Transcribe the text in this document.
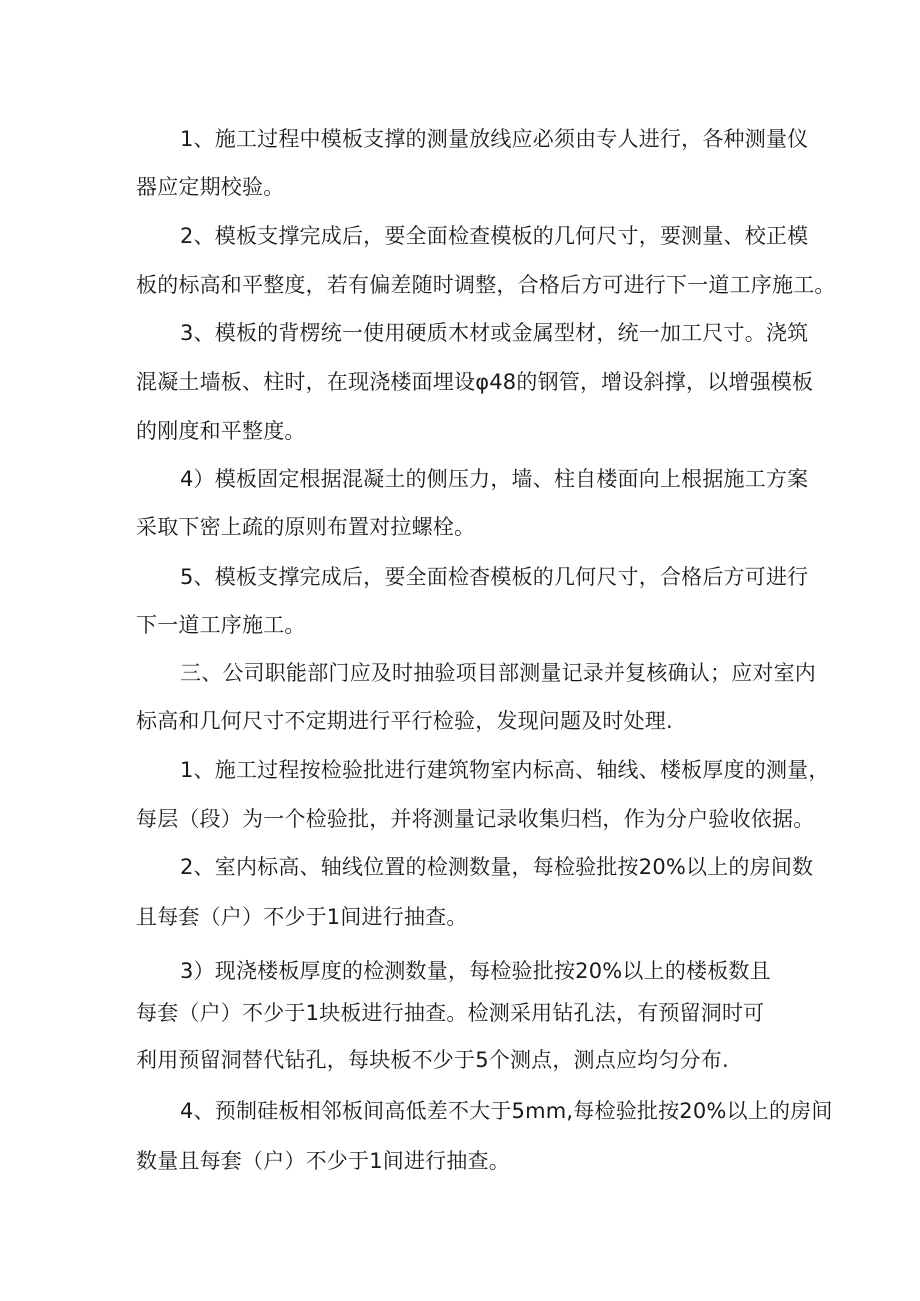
1、施工过程中模板支撑的测量放线应必须由专人进行，各种测量仪
器应定期校验。
2、模板支撑完成后，要全面检查模板的几何尺寸，要测量、校正模
板的标高和平整度，若有偏差随时调整，合格后方可进行下一道工序施工。
3、模板的背楞统一使用硬质木材或金属型材，统一加工尺寸。浇筑
混凝土墙板、柱时，在现浇楼面埋设φ48的钢管，增设斜撑，以增强模板
的刚度和平整度。
4）模板固定根据混凝土的侧压力，墙、柱自楼面向上根据施工方案
采取下密上疏的原则布置对拉螺栓。
5、模板支撑完成后，要全面检杳模板的几何尺寸，合格后方可进行
下一道工序施工。
三、公司职能部门应及时抽验项目部测量记录并复核确认；应对室内
标高和几何尺寸不定期进行平行检验，发现问题及时处理.
1、施工过程按检验批进行建筑物室内标高、轴线、楼板厚度的测量，
每层（段）为一个检验批，并将测量记录收集归档，作为分户验收依据。
2、室内标高、轴线位置的检测数量，每检验批按20%以上的房间数
且每套（户）不少于1间进行抽查。
3）现浇楼板厚度的检测数量，每检验批按20%以上的楼板数且
每套（户）不少于1块板进行抽查。检测采用钻孔法，有预留洞时可
利用预留洞替代钻孔，每块板不少于5个测点，测点应均匀分布.
4、预制硅板相邻板间高低差不大于5mm,每检验批按20%以上的房间
数量且每套（户）不少于1间进行抽查。
